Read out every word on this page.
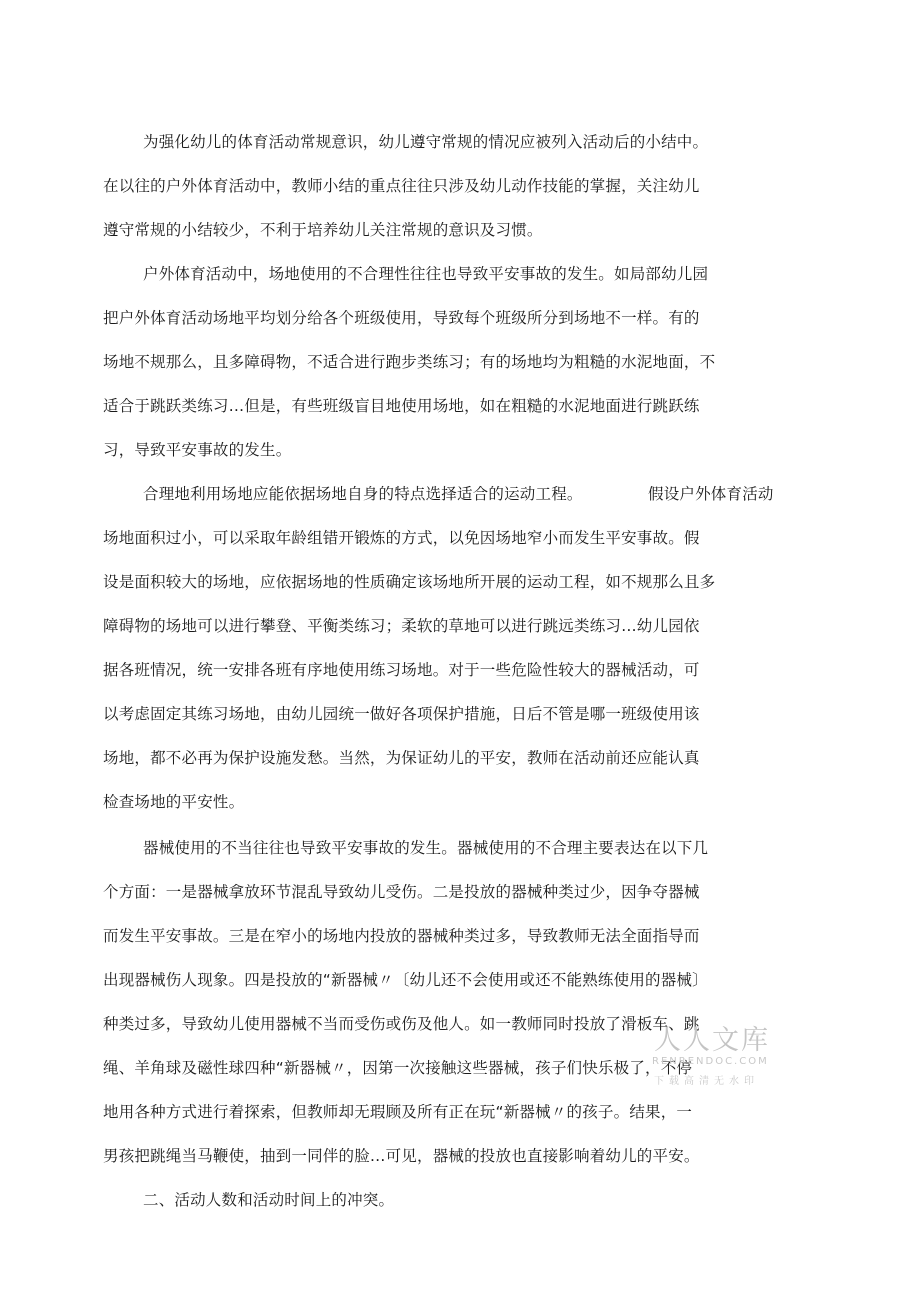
为强化幼儿的体育活动常规意识，幼儿遵守常规的情况应被列入活动后的小结中。
在以往的户外体育活动中，教师小结的重点往往只涉及幼儿动作技能的掌握，关注幼儿
遵守常规的小结较少，不利于培养幼儿关注常规的意识及习惯。
户外体育活动中，场地使用的不合理性往往也导致平安事故的发生。如局部幼儿园
把户外体育活动场地平均划分给各个班级使用，导致每个班级所分到场地不一样。有的
场地不规那么，且多障碍物，不适合进行跑步类练习；有的场地均为粗糙的水泥地面，不
适合于跳跃类练习…但是，有些班级盲目地使用场地，如在粗糙的水泥地面进行跳跃练
习，导致平安事故的发生。
合理地利用场地应能依据场地自身的特点选择适合的运动工程。	假设户外体育活动
场地面积过小，可以采取年龄组错开锻炼的方式，以免因场地窄小而发生平安事故。假
设是面积较大的场地，应依据场地的性质确定该场地所开展的运动工程，如不规那么且多
障碍物的场地可以进行攀登、平衡类练习；柔软的草地可以进行跳远类练习…幼儿园依
据各班情况，统一安排各班有序地使用练习场地。对于一些危险性较大的器械活动，可
以考虑固定其练习场地，由幼儿园统一做好各项保护措施，日后不管是哪一班级使用该
场地，都不必再为保护设施发愁。当然，为保证幼儿的平安，教师在活动前还应能认真
检查场地的平安性。
器械使用的不当往往也导致平安事故的发生。器械使用的不合理主要表达在以下几
个方面：一是器械拿放环节混乱导致幼儿受伤。二是投放的器械种类过少，因争夺器械
而发生平安事故。三是在窄小的场地内投放的器械种类过多，导致教师无法全面指导而
出现器械伤人现象。四是投放的“新器械〃〔幼儿还不会使用或还不能熟练使用的器械〕
种类过多，导致幼儿使用器械不当而受伤或伤及他人。如一教师同时投放了滑板车、跳
绳、羊角球及磁性球四种“新器械〃，因第一次接触这些器械，孩子们快乐极了，不停
地用各种方式进行着探索，但教师却无瑕顾及所有正在玩“新器械〃的孩子。结果，一
男孩把跳绳当马鞭使，抽到一同伴的脸…可见，器械的投放也直接影响着幼儿的平安。
二、活动人数和活动时间上的冲突。
人人文库
RENRENDOC.COM
下载高清无水印
